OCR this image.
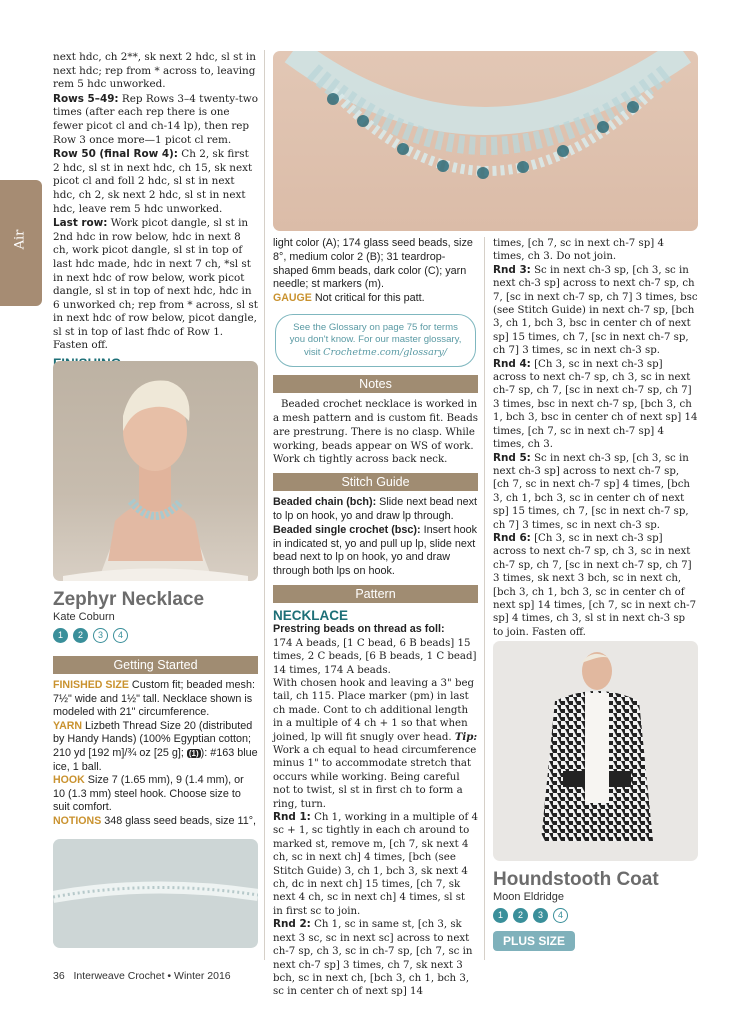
Air

next hdc, ch 2**, sk next 2 hdc, sl st in next hdc; rep from * across to, leaving rem 5 hdc unworked.

Rows 5–49: Rep Rows 3–4 twenty-two times (after each rep there is one fewer picot cl and ch-14 lp), then rep Row 3 once more—1 picot cl rem.

Row 50 (final Row 4): Ch 2, sk first 2 hdc, sl st in next hdc, ch 15, sk next picot cl and foll 2 hdc, sl st in next hdc, ch 2, sk next 2 hdc, sl st in next hdc, leave rem 5 hdc unworked.

Last row: Work picot dangle, sl st in 2nd hdc in row below, hdc in next 8 ch, work picot dangle, sl st in top of last hdc made, hdc in next 7 ch, *sl st in next hdc of row below, work picot dangle, sl st in top of next hdc, hdc in 6 unworked ch; rep from * across, sl st in next hdc of row below, picot dangle, sl st in top of last fhdc of Row 1. Fasten off.

Zephyr Necklace
Kate Coburn
1	2	3	4
Getting Started

FINISHED SIZE Custom fit; beaded mesh: 7½" wide and 1½" tall. Necklace shown is modeled with 21" circumference.

YARN Lizbeth Thread Size 20 (distributed by Handy Hands) (100% Egyptian cotton; 210 yd [192 m]/¾ oz [25 g]; (1) ): #163 blue ice, 1 ball.

HOOK Size 7 (1.65 mm), 9 (1.4 mm), or 10 (1.3 mm) steel hook. Choose size to suit comfort.

NOTIONS 348 glass seed beads, size 11°,

light color (A); 174 glass seed beads, size 8°, medium color 2 (B); 31 teardrop-shaped 6mm beads, dark color (C); yarn needle; st markers (m).

GAUGE Not critical for this patt.

See the Glossary on page 75 for terms
you don't know. For our master glossary,
visit Crochetme.com/glossary/
Notes

Beaded crochet necklace is worked in a mesh pattern and is custom fit. Beads are prestrung. There is no clasp. While working, beads appear on WS of work. Work ch tightly across back neck.

Stitch Guide

Beaded chain (bch): Slide next bead next to lp on hook, yo and draw lp through.

Beaded single crochet (bsc): Insert hook in indicated st, yo and pull up lp, slide next bead next to lp on hook, yo and draw through both lps on hook.

Pattern
NECKLACE

Prestring beads on thread as foll:

174 A beads, [1 C bead, 6 B beads] 15 times, 2 C beads, [6 B beads, 1 C bead] 14 times, 174 A beads.

With chosen hook and leaving a 3" beg tail, ch 115. Place marker (pm) in last ch made. Cont to ch additional length in a multiple of 4 ch + 1 so that when joined, lp will fit snugly over head. Tip: Work a ch equal to head circumference minus 1" to accommodate stretch that occurs while working. Being careful not to twist, sl st in first ch to form a ring, turn.

Rnd 1: Ch 1, working in a multiple of 4 sc + 1, sc tightly in each ch around to marked st, remove m, [ch 7, sk next 4 ch, sc in next ch] 4 times, [bch (see Stitch Guide) 3, ch 1, bch 3, sk next 4 ch, dc in next ch] 15 times, [ch 7, sk next 4 ch, sc in next ch] 4 times, sl st in first sc to join.

Rnd 2: Ch 1, sc in same st, [ch 3, sk next 3 sc, sc in next sc] across to next ch-7 sp, ch 3, sc in ch-7 sp, [ch 7, sc in next ch-7 sp] 3 times, ch 7, sk next 3 bch, sc in next ch, [bch 3, ch 1, bch 3, sc in center ch of next sp] 14

times, [ch 7, sc in next ch-7 sp] 4 times, ch 3. Do not join.

Rnd 3: Sc in next ch-3 sp, [ch 3, sc in next ch-3 sp] across to next ch-7 sp, ch 7, [sc in next ch-7 sp, ch 7] 3 times, bsc (see Stitch Guide) in next ch-7 sp, [bch 3, ch 1, bch 3, bsc in center ch of next sp] 15 times, ch 7, [sc in next ch-7 sp, ch 7] 3 times, sc in next ch-3 sp.

Rnd 4: [Ch 3, sc in next ch-3 sp] across to next ch-7 sp, ch 3, sc in next ch-7 sp, ch 7, [sc in next ch-7 sp, ch 7] 3 times, bsc in next ch-7 sp, [bch 3, ch 1, bch 3, bsc in center ch of next sp] 14 times, [ch 7, sc in next ch-7 sp] 4 times, ch 3.

Rnd 5: Sc in next ch-3 sp, [ch 3, sc in next ch-3 sp] across to next ch-7 sp, [ch 7, sc in next ch-7 sp] 4 times, [bch 3, ch 1, bch 3, sc in center ch of next sp] 15 times, ch 7, [sc in next ch-7 sp, ch 7] 3 times, sc in next ch-3 sp.

Rnd 6: [Ch 3, sc in next ch-3 sp] across to next ch-7 sp, ch 3, sc in next ch-7 sp, ch 7, [sc in next ch-7 sp, ch 7] 3 times, sk next 3 bch, sc in next ch, [bch 3, ch 1, bch 3, sc in center ch of next sp] 14 times, [ch 7, sc in next ch-7 sp] 4 times, ch 3, sl st in next ch-3 sp to join. Fasten off.

Houndstooth Coat
Moon Eldridge
1	2	3	4
PLUS SIZE
36 Interweave Crochet • Winter 2016
